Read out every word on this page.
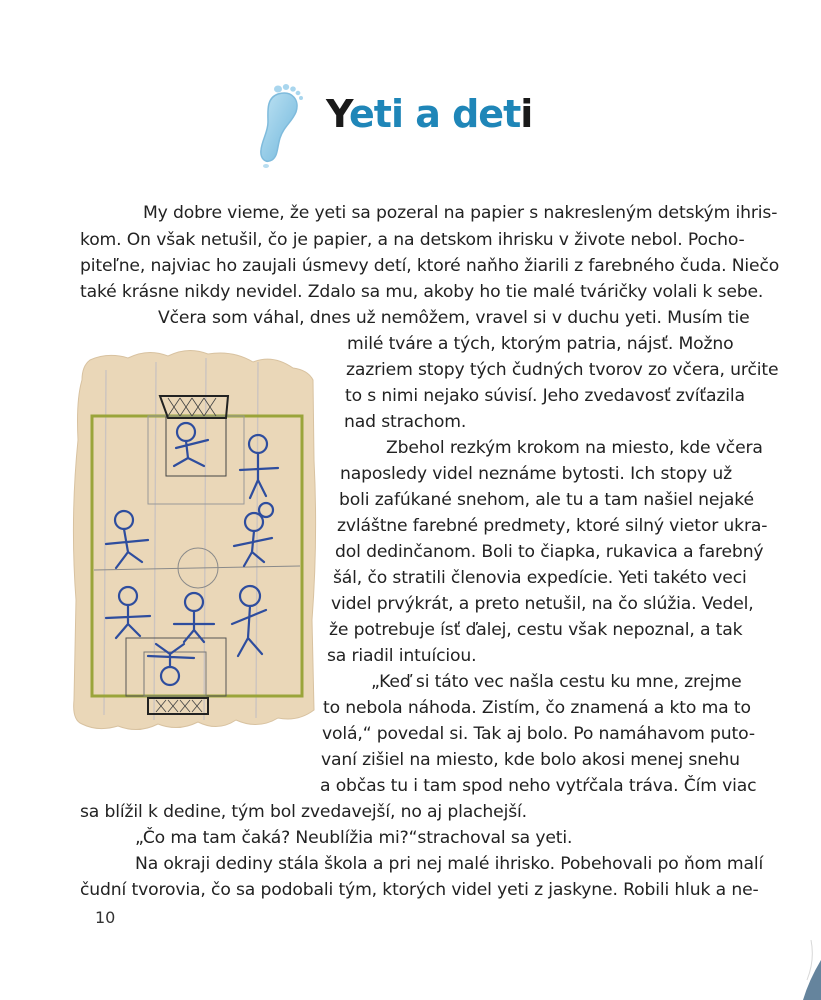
Yeti a deti
My dobre vieme, že yeti sa pozeral na papier s nakresleným detským ihris-
kom. On však netušil, čo je papier, a na detskom ihrisku v živote nebol. Pocho-
piteľne, najviac ho zaujali úsmevy detí, ktoré naňho žiarili z farebného čuda. Niečo
také krásne nikdy nevidel. Zdalo sa mu, akoby ho tie malé tváričky volali k sebe.
Včera som váhal, dnes už nemôžem, vravel si v duchu yeti. Musím tie
milé tváre a tých, ktorým patria, nájsť. Možno
zazriem stopy tých čudných tvorov zo včera, určite
to s nimi nejako súvisí. Jeho zvedavosť zvíťazila
nad strachom.
Zbehol rezkým krokom na miesto, kde včera
naposledy videl neznáme bytosti. Ich stopy už
boli zafúkané snehom, ale tu a tam našiel nejaké
zvláštne farebné predmety, ktoré silný vietor ukra-
dol dedinčanom. Boli to čiapka, rukavica a farebný
šál, čo stratili členovia expedície. Yeti takéto veci
videl prvýkrát, a preto netušil, na čo slúžia. Vedel,
že potrebuje ísť ďalej, cestu však nepoznal, a tak
sa riadil intuíciou.
„Keď si táto vec našla cestu ku mne, zrejme
to nebola náhoda. Zistím, čo znamená a kto ma to
volá,“ povedal si. Tak aj bolo. Po namáhavom puto-
vaní zišiel na miesto, kde bolo akosi menej snehu
a občas tu i tam spod neho vytŕčala tráva. Čím viac
sa blížil k dedine, tým bol zvedavejší, no aj plachejší.
„Čo ma tam čaká? Neublížia mi?“strachoval sa yeti.
Na okraji dediny stála škola a pri nej malé ihrisko. Pobehovali po ňom malí
čudní tvorovia, čo sa podobali tým, ktorých videl yeti z jaskyne. Robili hluk a ne-
10
